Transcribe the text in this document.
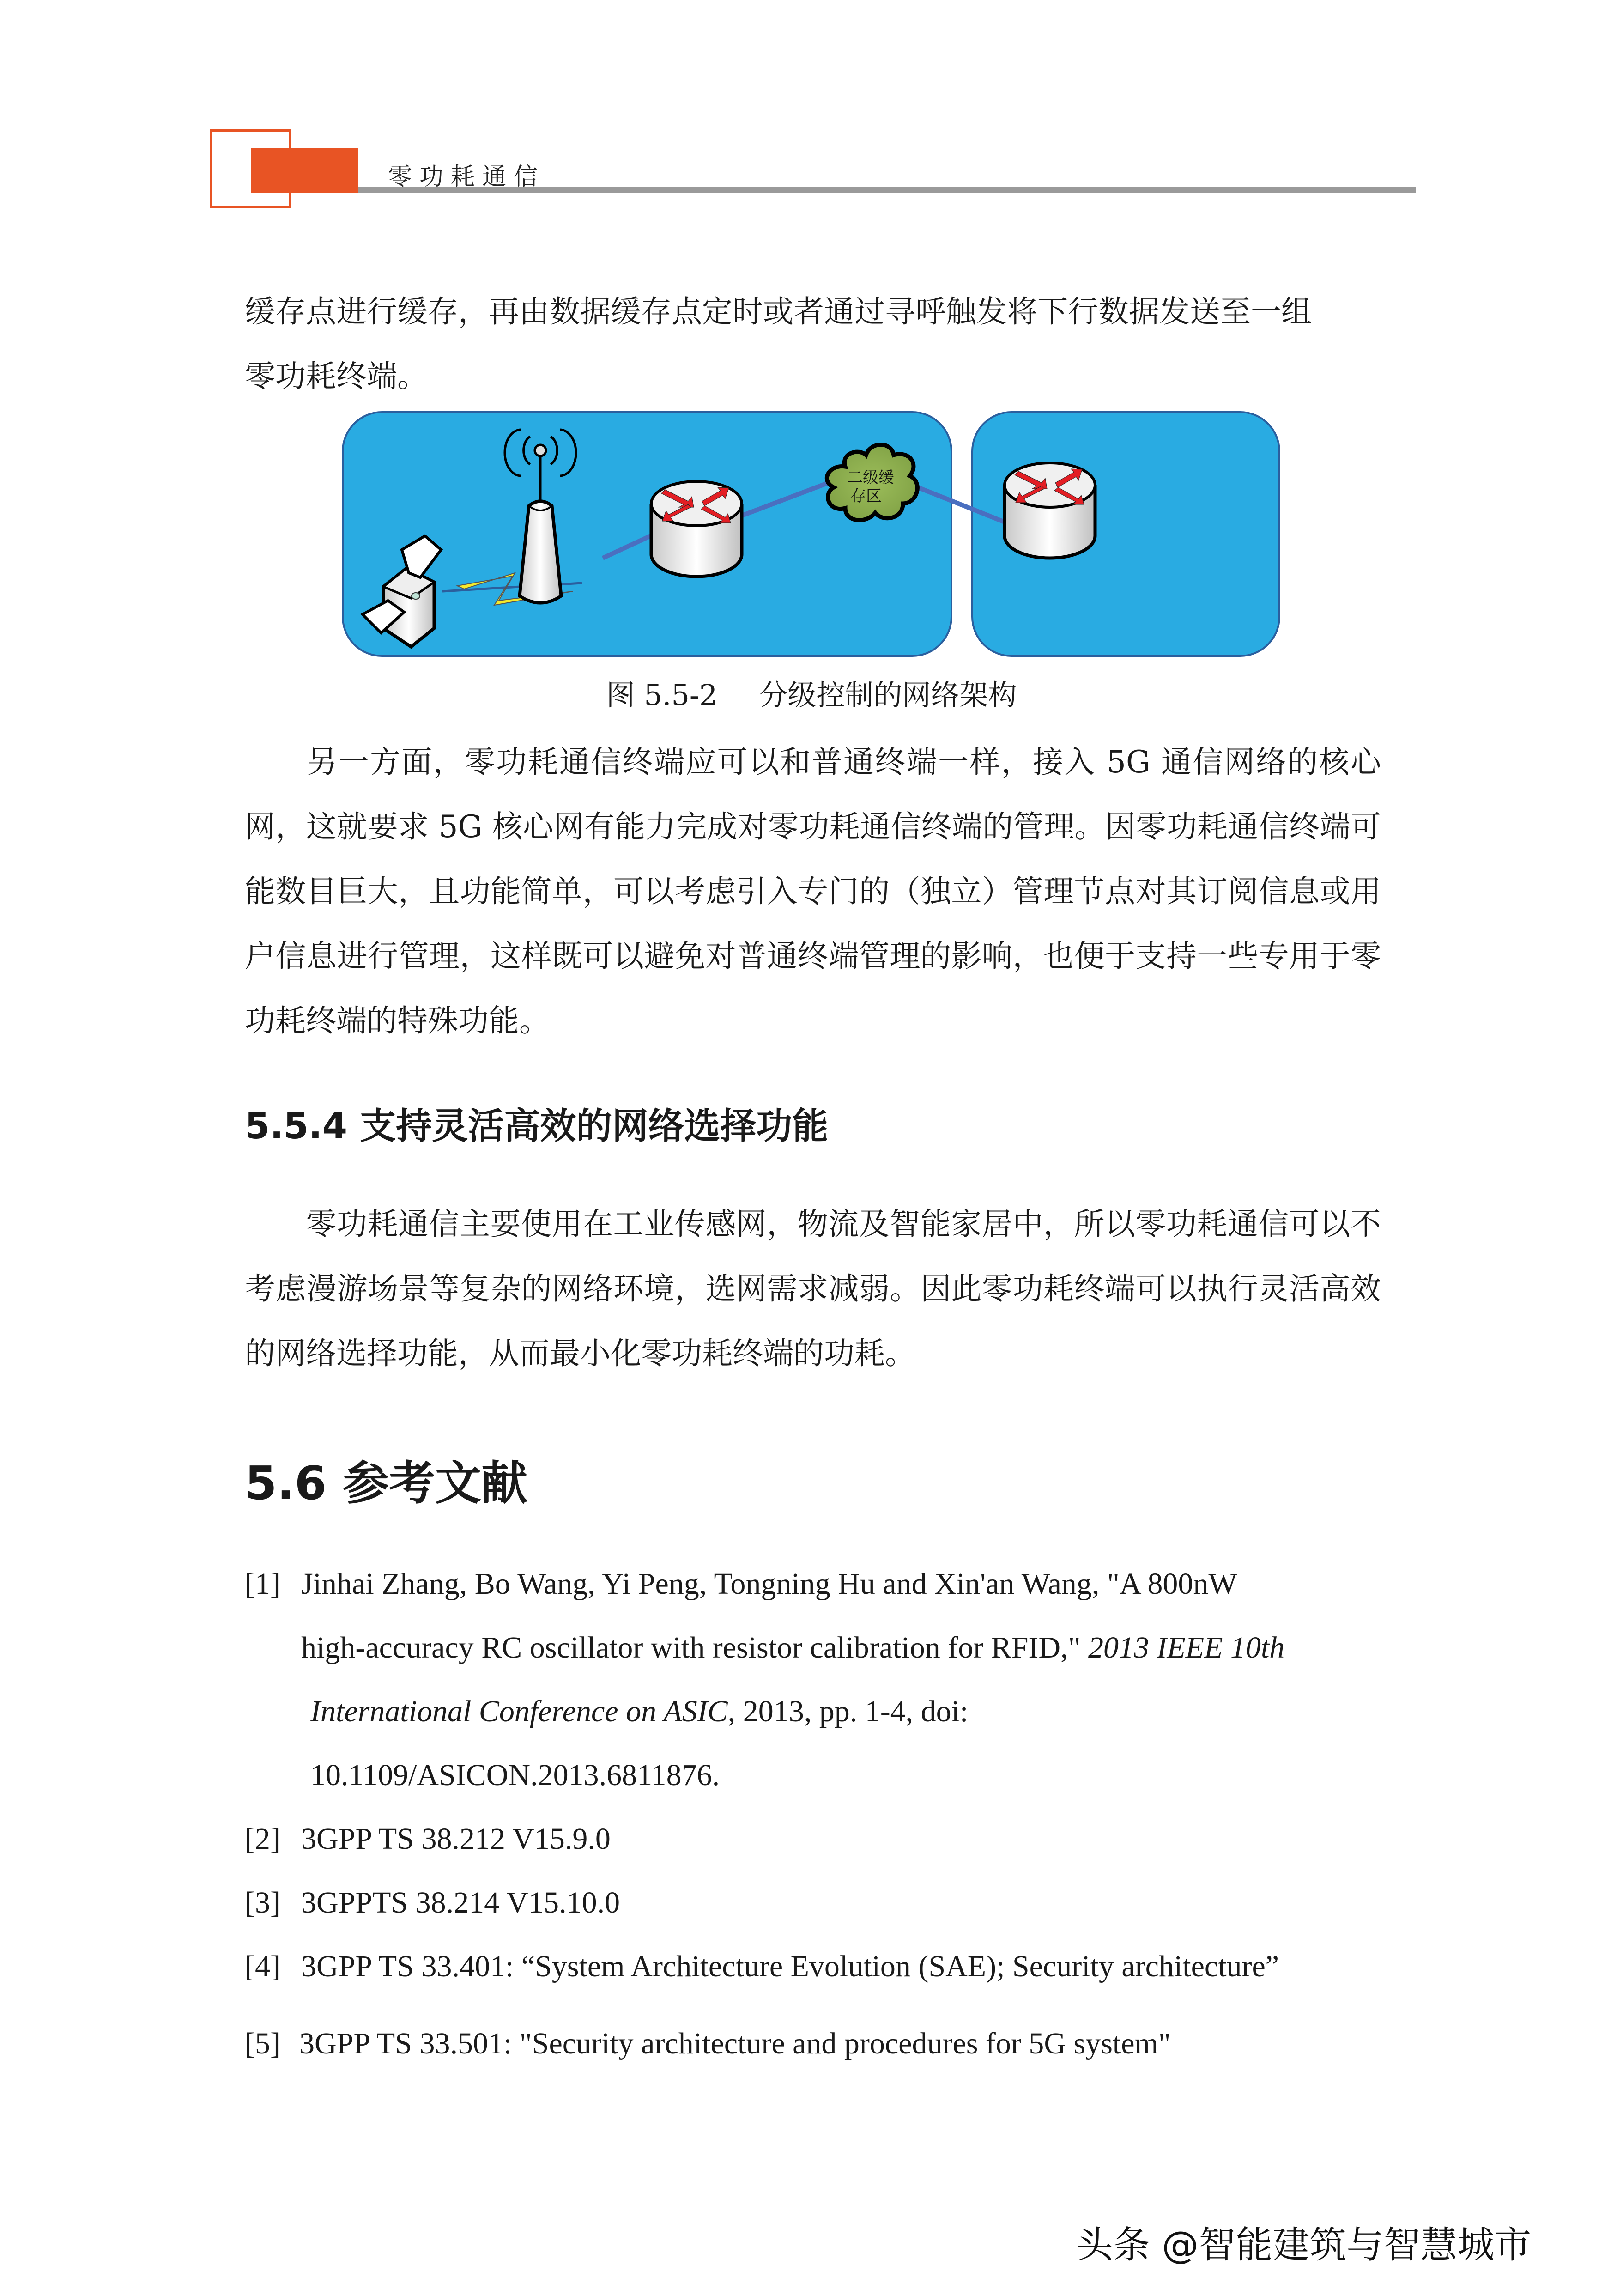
零功耗通信

缓存点进行缓存，再由数据缓存点定时或者通过寻呼触发将下行数据发送至一组
零功耗终端。

二级缓
存区
图 5.5-2 分级控制的网络架构

另一方面，零功耗通信终端应可以和普通终端一样，接入 5G 通信网络的核心网，这就要求 5G 核心网有能力完成对零功耗通信终端的管理。因零功耗通信终端可能数目巨大，且功能简单，可以考虑引入专门的（独立）管理节点对其订阅信息或用户信息进行管理，这样既可以避免对普通终端管理的影响，也便于支持一些专用于零功耗终端的特殊功能。

5.5.4 支持灵活高效的网络选择功能

零功耗通信主要使用在工业传感网，物流及智能家居中，所以零功耗通信可以不考虑漫游场景等复杂的网络环境，选网需求减弱。因此零功耗终端可以执行灵活高效的网络选择功能，从而最小化零功耗终端的功耗。

5.6 参考文献
[1] Jinhai Zhang, Bo Wang, Yi Peng, Tongning Hu and Xin'an Wang, "A 800nW
high-accuracy RC oscillator with resistor calibration for RFID," 2013 IEEE 10th
International Conference on ASIC, 2013, pp. 1-4, doi:
10.1109/ASICON.2013.6811876.
[2] 3GPP TS 38.212 V15.9.0
[3] 3GPPTS 38.214 V15.10.0
[4] 3GPP TS 33.401: “System Architecture Evolution (SAE); Security architecture”
[5] 3GPP TS 33.501: "Security architecture and procedures for 5G system"
头条 @智能建筑与智慧城市
